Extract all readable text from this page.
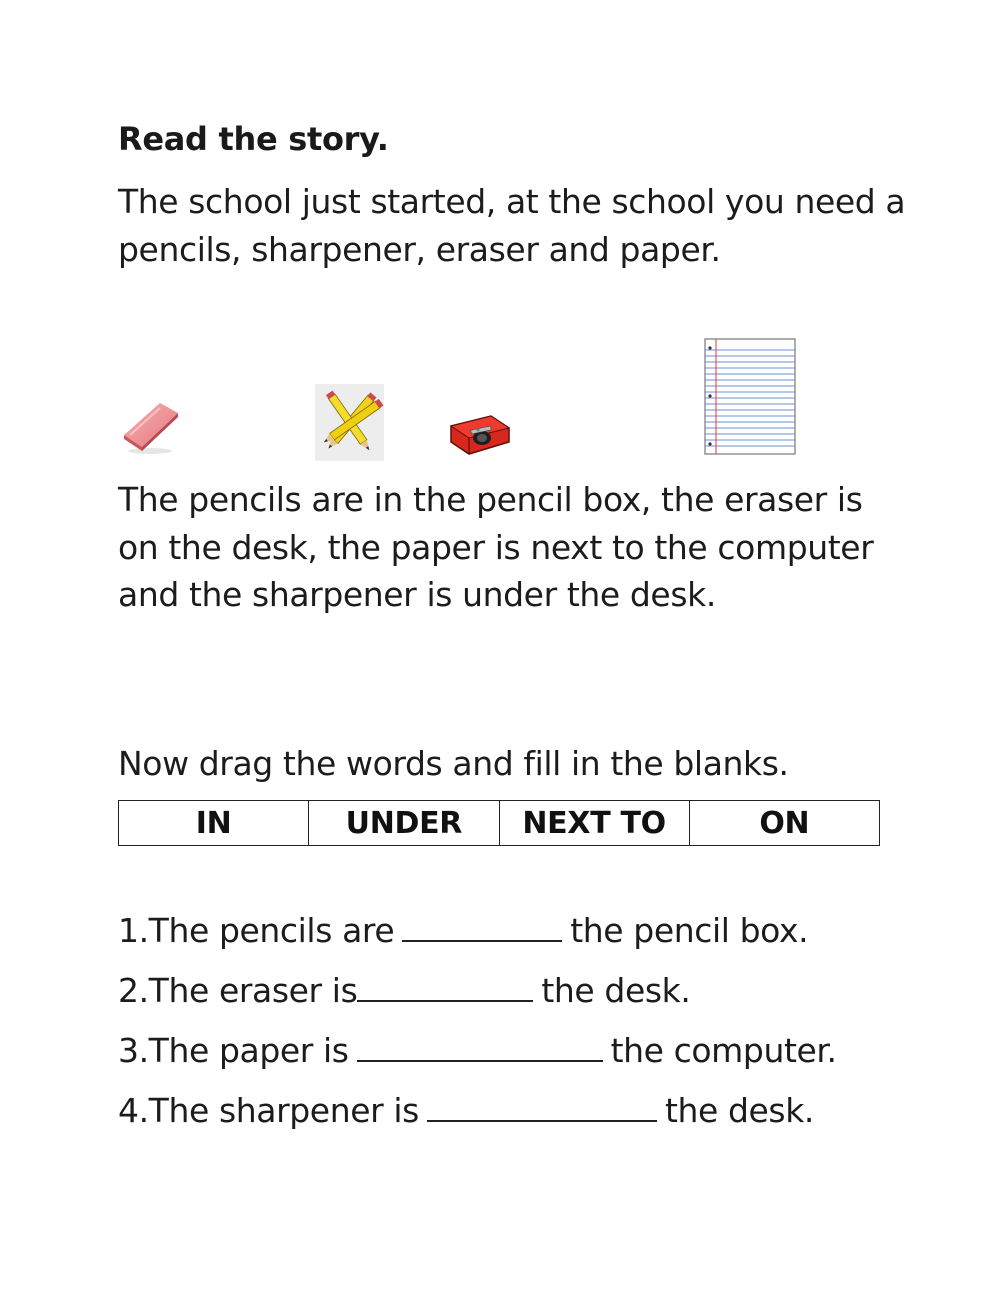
Read the story.
The school just started, at the school you need a pencils, sharpener, eraser and paper.
The pencils are in the pencil box, the eraser is on the desk, the paper is next to the computer and the sharpener is under the desk.
Now drag the words and fill in the blanks.
IN	UNDER	NEXT TO	ON
1.The pencils are	the pencil box.
2.The eraser is	the desk.
3.The paper is	the computer.
4.The sharpener is	the desk.
